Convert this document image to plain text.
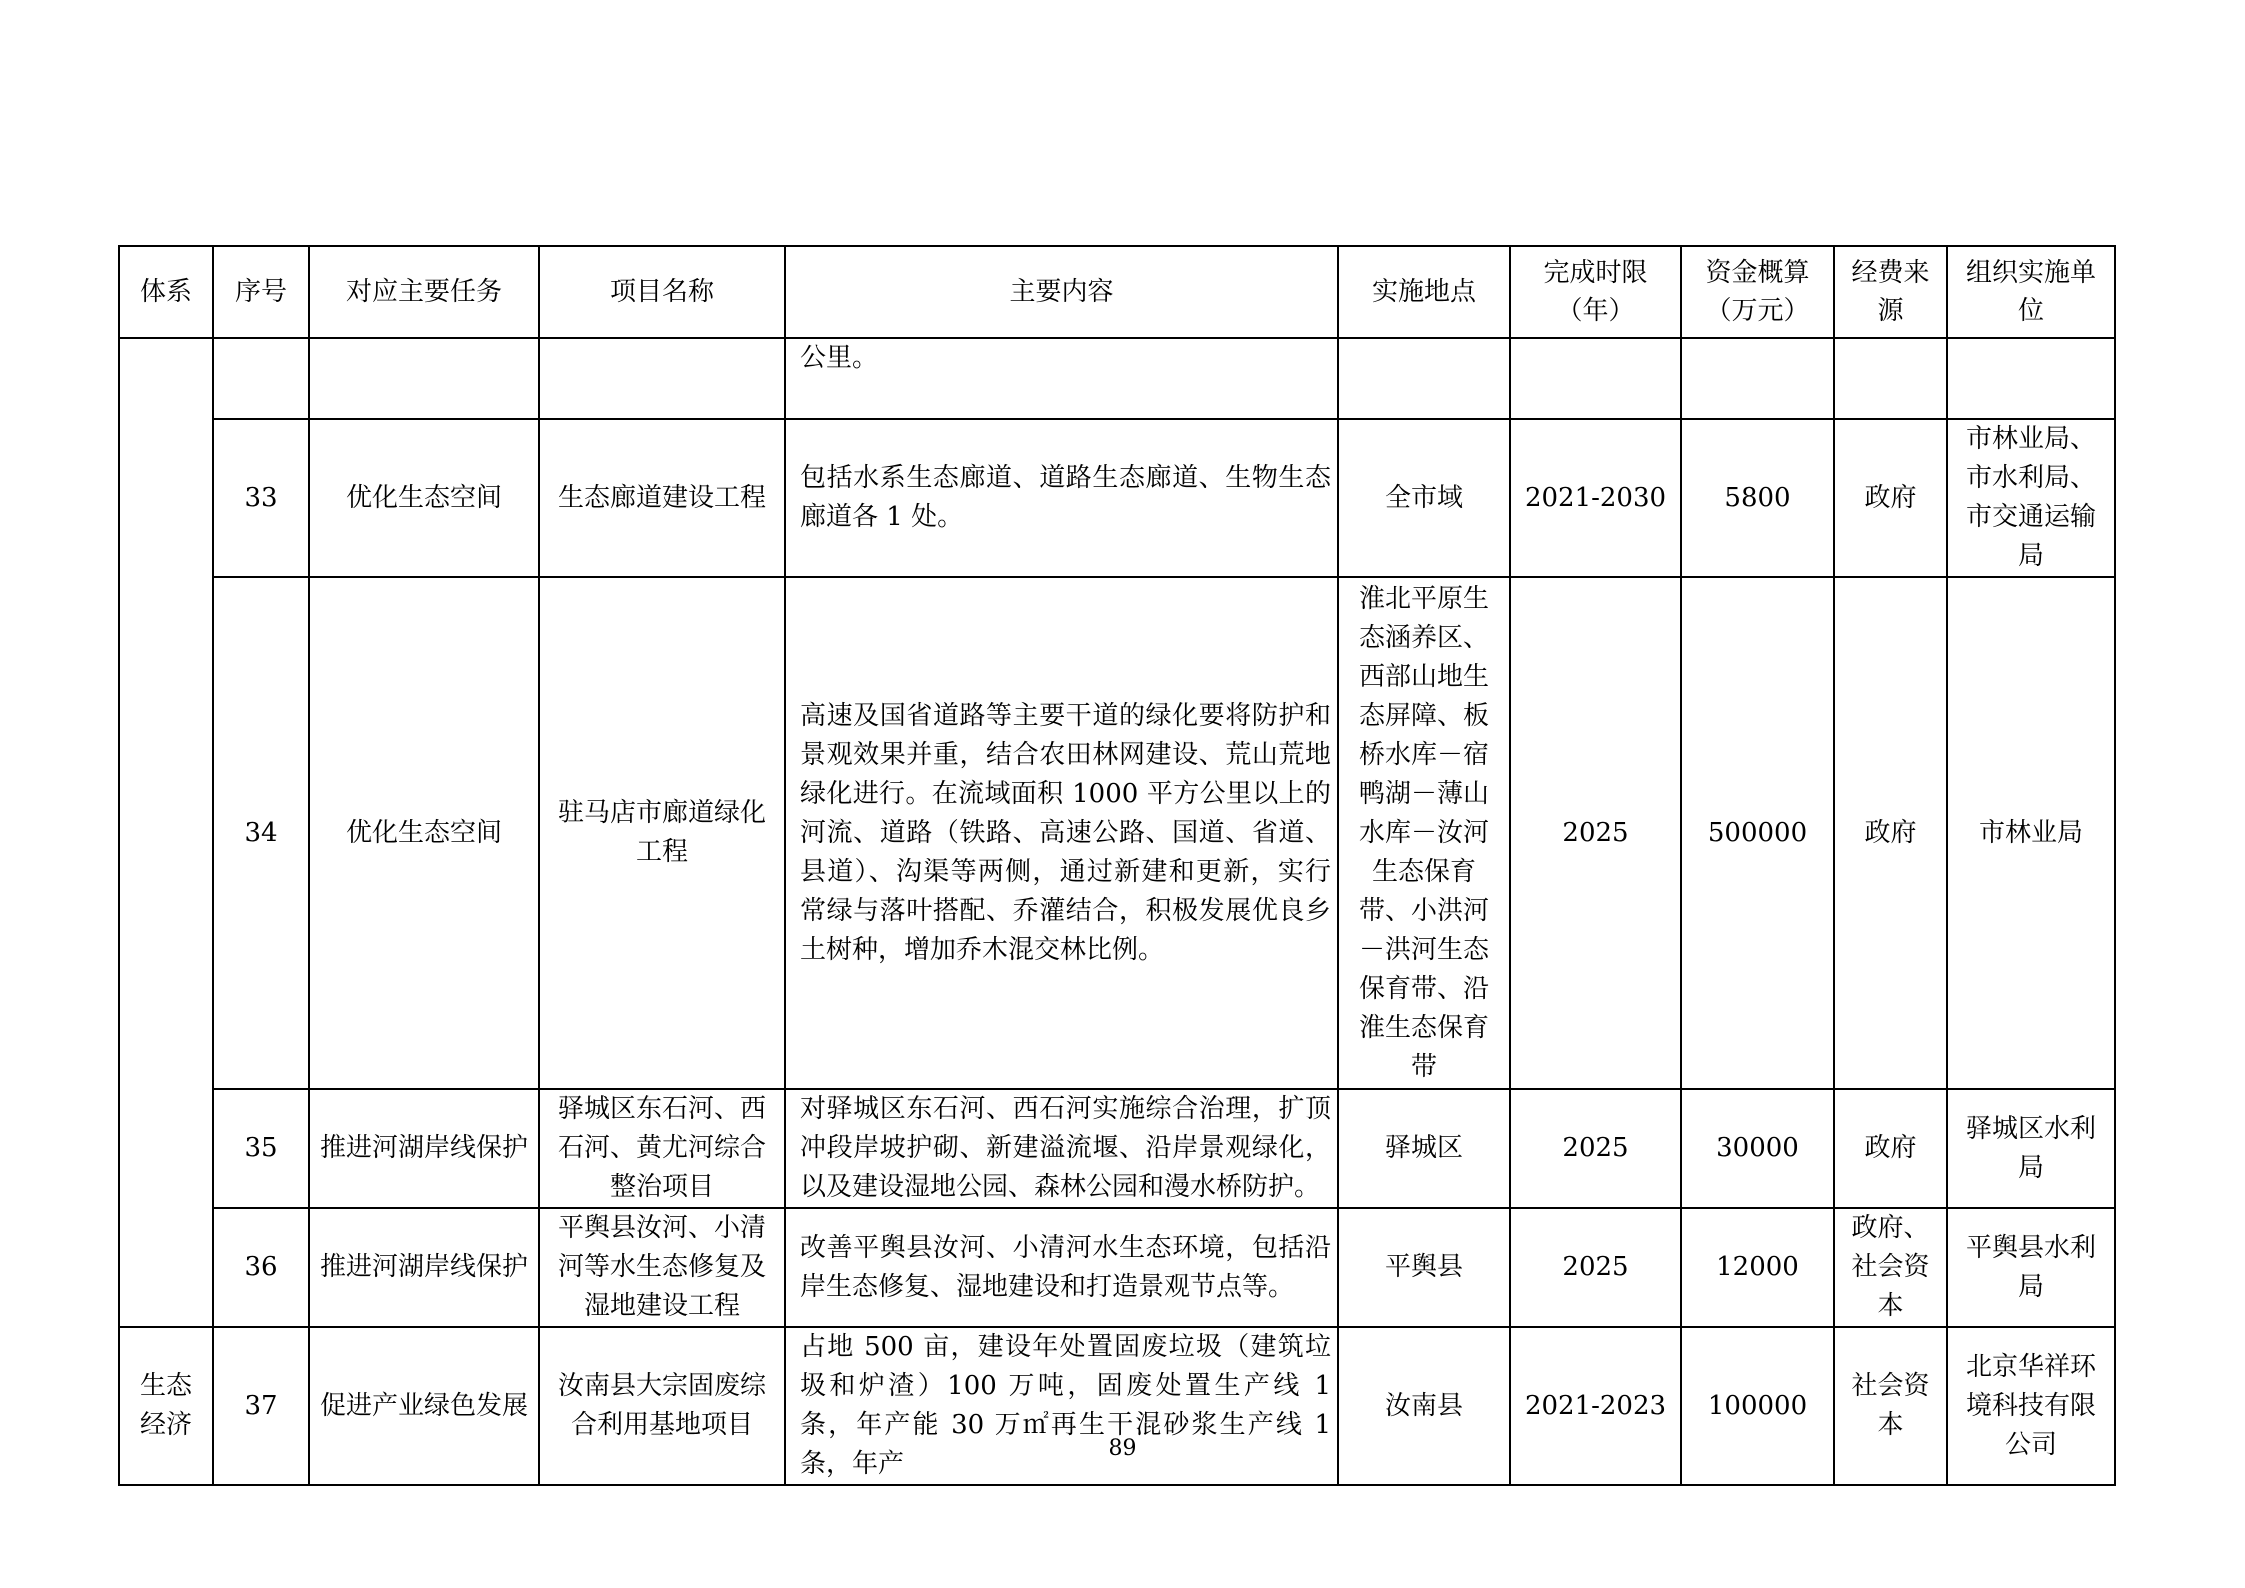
体系	序号	对应主要任务	项目名称	主要内容	实施地点	完成时限（年）	资金概算（万元）	经费来源	组织实施单位
				公里。					
	33	优化生态空间	生态廊道建设工程	包括水系生态廊道、道路生态廊道、生物生态廊道各 1 处。	全市域	2021-2030	5800	政府	市林业局、市水利局、市交通运输局
	34	优化生态空间	驻马店市廊道绿化工程	高速及国省道路等主要干道的绿化要将防护和景观效果并重，结合农田林网建设、荒山荒地绿化进行。在流域面积 1000 平方公里以上的河流、道路（铁路、高速公路、国道、省道、县道）、沟渠等两侧，通过新建和更新，实行常绿与落叶搭配、乔灌结合，积极发展优良乡土树种，增加乔木混交林比例。	淮北平原生态涵养区、西部山地生态屏障、板桥水库－宿鸭湖－薄山水库－汝河生态保育带、小洪河－洪河生态保育带、沿淮生态保育带	2025	500000	政府	市林业局
	35	推进河湖岸线保护	驿城区东石河、西石河、黄尤河综合整治项目	对驿城区东石河、西石河实施综合治理，扩顶冲段岸坡护砌、新建溢流堰、沿岸景观绿化，以及建设湿地公园、森林公园和漫水桥防护。	驿城区	2025	30000	政府	驿城区水利局
	36	推进河湖岸线保护	平舆县汝河、小清河等水生态修复及湿地建设工程	改善平舆县汝河、小清河水生态环境，包括沿岸生态修复、湿地建设和打造景观节点等。	平舆县	2025	12000	政府、社会资本	平舆县水利局
生态经济	37	促进产业绿色发展	汝南县大宗固废综合利用基地项目	占地 500 亩，建设年处置固废垃圾（建筑垃圾和炉渣）100 万吨，固废处置生产线 1 条，年产能 30 万㎡再生干混砂浆生产线 1 条，年产	汝南县	2021-2023	100000	社会资本	北京华祥环境科技有限公司
89
